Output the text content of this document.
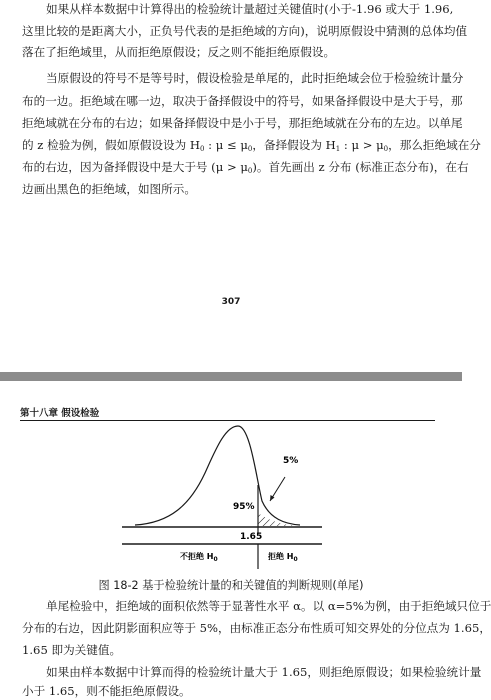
如果从样本数据中计算得出的检验统计量超过关键值时(小于-1.96 或大于 1.96,
这里比较的是距离大小，正负号代表的是拒绝域的方向)，说明原假设中猜测的总体均值
落在了拒绝域里，从而拒绝原假设；反之则不能拒绝原假设。
当原假设的符号不是等号时，假设检验是单尾的，此时拒绝域会位于检验统计量分
布的一边。拒绝域在哪一边，取决于备择假设中的符号，如果备择假设中是大于号，那
拒绝域就在分布的右边；如果备择假设中是小于号，那拒绝域就在分布的左边。以单尾
的 z 检验为例，假如原假设设为 $H_0$ : $\mu \le \mu_0$，备择假设为 $H_1$ : $\mu > \mu_0$，那么拒绝域在分
布的右边，因为备择假设中是大于号 $(\mu > \mu_0)$。首先画出 z 分布 (标准正态分布)，在右
边画出黑色的拒绝域，如图所示。
307
第十八章 假设检验
5%
95%
1.65
不拒绝 $H_0$	拒绝 $H_0$
图 18-2 基于检验统计量的和关键值的判断规则(单尾)
单尾检验中，拒绝域的面积依然等于显著性水平 α。以 α=5%为例，由于拒绝域只位于
分布的右边，因此阴影面积应等于 5%，由标准正态分布性质可知交界处的分位点为 1.65，
1.65 即为关键值。
如果由样本数据中计算而得的检验统计量大于 1.65，则拒绝原假设；如果检验统计量
小于 1.65，则不能拒绝原假设。
